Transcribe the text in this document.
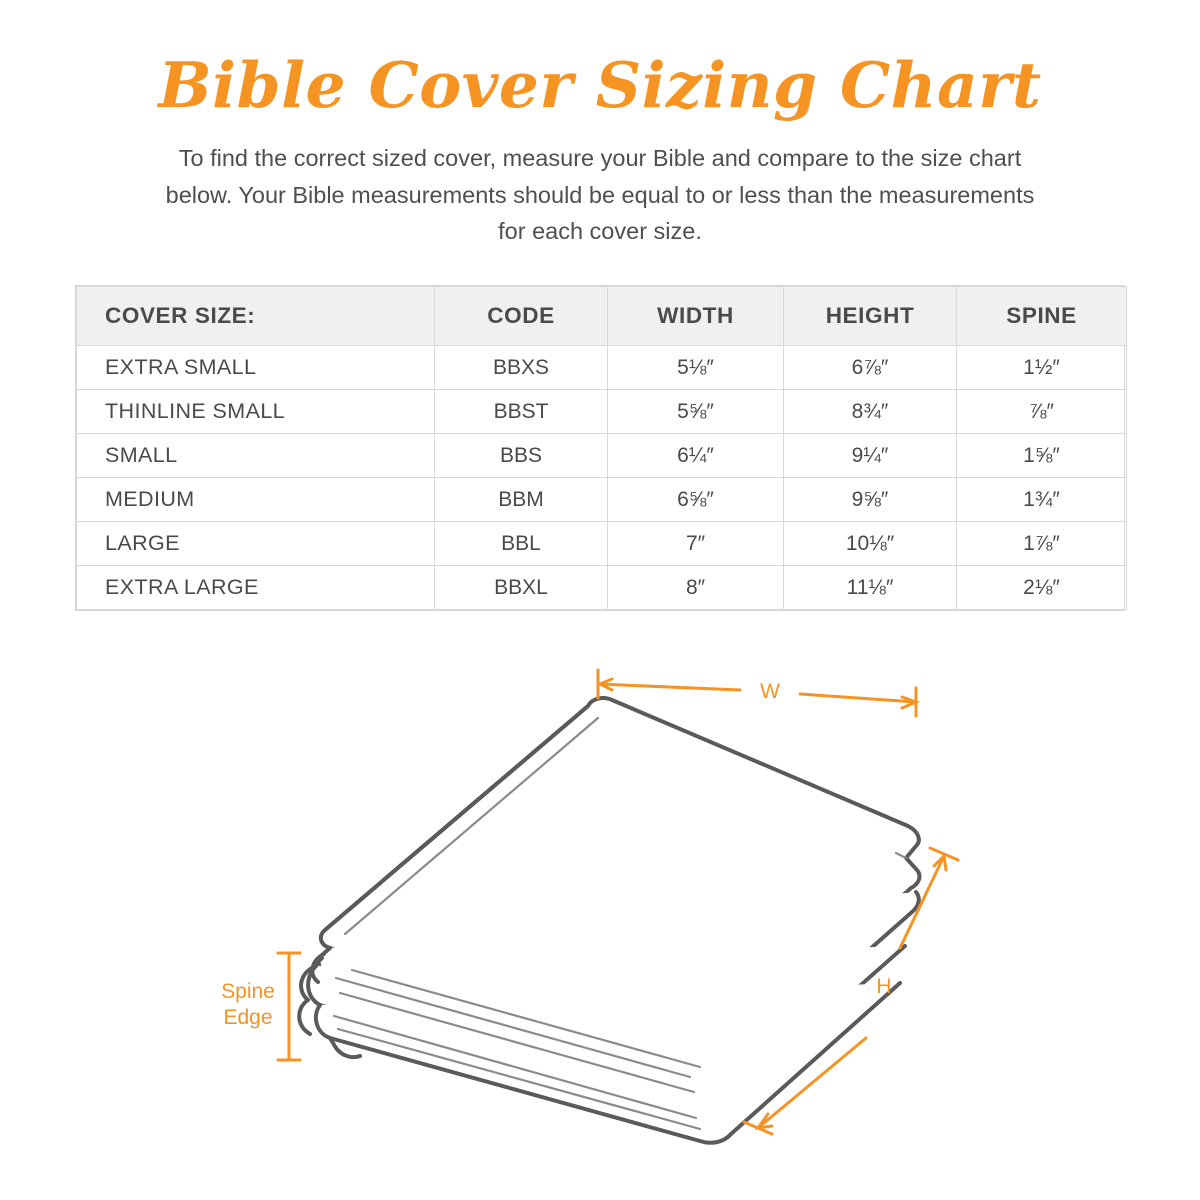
Bible Cover Sizing Chart
To find the correct sized cover, measure your Bible and compare to the size chart below. Your Bible measurements should be equal to or less than the measurements for each cover size.
COVER SIZE:	CODE	WIDTH	HEIGHT	SPINE
EXTRA SMALL	BBXS	5⅛″	6⅞″	1½″
THINLINE SMALL	BBST	5⅝″	8¾″	⅞″
SMALL	BBS	6¼″	9¼″	1⅝″
MEDIUM	BBM	6⅝″	9⅝″	1¾″
LARGE	BBL	7″	10⅛″	1⅞″
EXTRA LARGE	BBXL	8″	11⅛″	2⅛″
W
H
Spine
Edge
